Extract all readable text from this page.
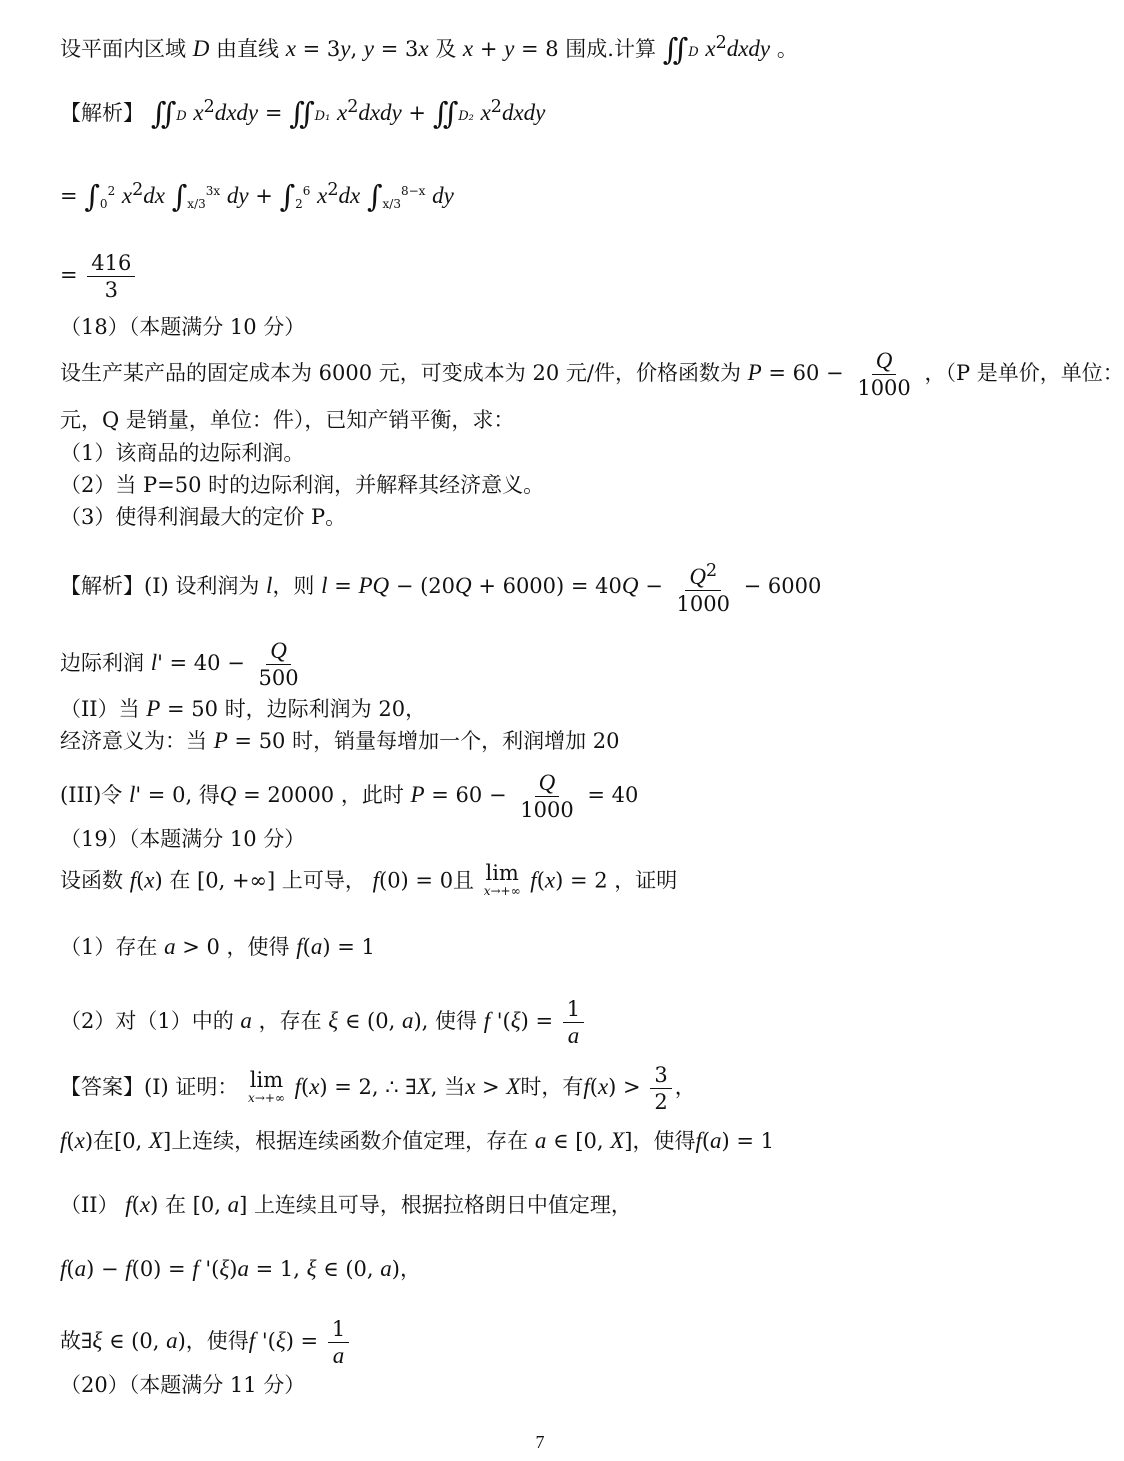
设平面内区域 D 由直线 x = 3y, y = 3x 及 x + y = 8 围成.计算 ∬D $x^2dxdy$ 。
【解析】 ∬D $x^2dxdy$ = ∬D₁ $x^2dxdy$ + ∬D₂ $x^2dxdy$
= $\int_0^2$ $x^2dx$ $\int_{x/3}^{3x}$ dy + $\int_2^6$ $x^2dx$ $\int_{x/3}^{8-x}$ dy
= $\frac{416}{3}$
（18）（本题满分 10 分）
设生产某产品的固定成本为 6000 元，可变成本为 20 元/件，价格函数为 $P = 60 - \frac{Q}{1000}$ ，（P 是单价，单位：
元，Q 是销量，单位：件），已知产销平衡，求：
（1）该商品的边际利润。
（2）当 P=50 时的边际利润，并解释其经济意义。
（3）使得利润最大的定价 P。
【解析】(I) 设利润为 l，则 l = PQ − $(20Q + 6000) = 40Q - \frac{Q^2}{1000} - 6000$
边际利润 $l' = 40 - \frac{Q}{500}$
（II）当 P = 50 时，边际利润为 20，
经济意义为：当 P = 50 时，销量每增加一个，利润增加 20
(III)令 l' = 0, 得Q = 20000 ，此时 $P = 60 - \frac{Q}{1000} = 40$
（19）（本题满分 10 分）
设函数 f(x) 在 [0, +∞] 上可导， f(0) = 0且 lim
x→+∞ f(x) = 2 ，证明
（1）存在 a > 0 ，使得 f(a) = 1
（2）对（1）中的 a ，存在 ξ ∈ (0, a), 使得 f '$(\xi) = \frac{1}{a}$
【答案】(I) 证明： lim
x→+∞ f(x) = 2, ∴ ∃X, 当x > X时，有$f(x) > \frac{3}{2}$ ，
f(x)在[0, X]上连续，根据连续函数介值定理，存在 a ∈ [0, X]，使得f(a) = 1
（II） f(x) 在 [0, a] 上连续且可导，根据拉格朗日中值定理，
f(a) − f(0) = f '(ξ)a = 1, ξ ∈ (0, a)，
故∃ξ ∈ (0, a)，使得f '$(\xi) = \frac{1}{a}$
（20）（本题满分 11 分）
7
